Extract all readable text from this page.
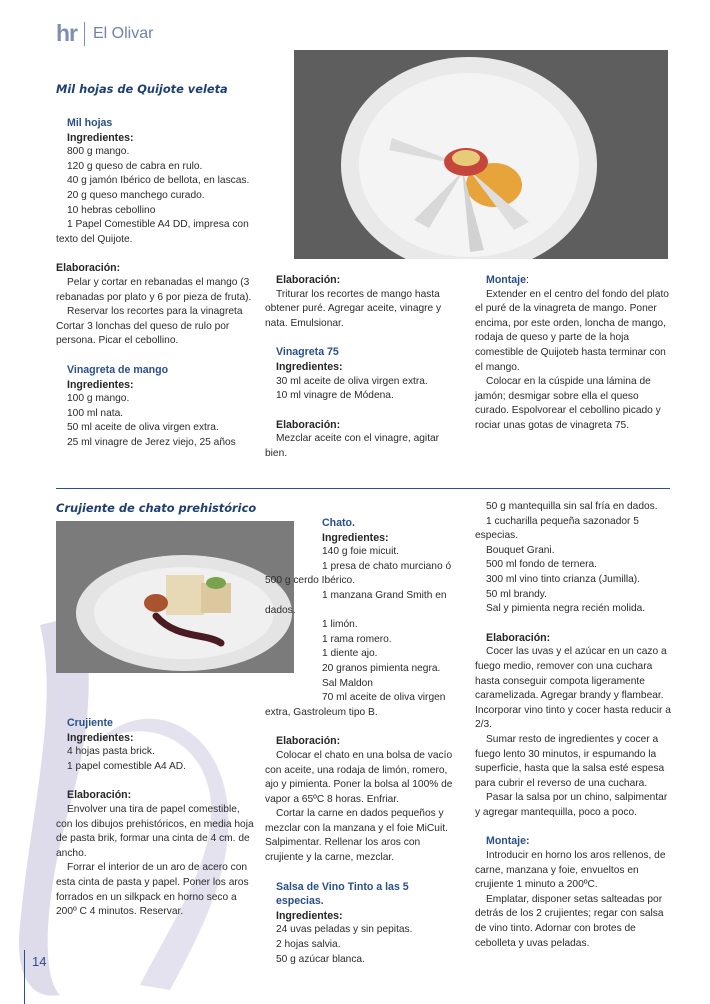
hr El Olivar

Mil hojas de Quijote veleta

Mil hojas

Ingredientes:

800 g mango.

120 g queso de cabra en rulo.

40 g jamón Ibérico de bellota, en lascas.

20 g queso manchego curado.

10 hebras cebollino

1 Papel Comestible A4 DD, impresa con

texto del Quijote.

Elaboración:

Pelar y cortar en rebanadas el mango (3 rebanadas por plato y 6 por pieza de fruta).

Reservar los recortes para la vinagreta Cortar 3 lonchas del queso de rulo por persona. Picar el cebollino.

Vinagreta de mango

Ingredientes:

100 g mango.

100 ml nata.

50 ml aceite de oliva virgen extra.

25 ml vinagre de Jerez viejo, 25 años

Elaboración:

Triturar los recortes de mango hasta obtener puré. Agregar aceite, vinagre y nata. Emulsionar.

Vinagreta 75

Ingredientes:

30 ml aceite de oliva virgen extra.

10 ml vinagre de Módena.

Elaboración:

Mezclar aceite con el vinagre, agitar bien.

Montaje:

Extender en el centro del fondo del plato el puré de la vinagreta de mango. Poner encima, por este orden, loncha de mango, rodaja de queso y parte de la hoja comestible de Quijoteb hasta terminar con el mango.

Colocar en la cúspide una lámina de jamón; desmigar sobre ella el queso curado. Espolvorear el cebollino picado y rociar unas gotas de vinagreta 75.

Crujiente de chato prehistórico

Crujiente

Ingredientes:

4 hojas pasta brick.

1 papel comestible A4 AD.

Elaboración:

Envolver una tira de papel comestible, con los dibujos prehistóricos, en media hoja de pasta brik, formar una cinta de 4 cm. de ancho.

Forrar el interior de un aro de acero con esta cinta de pasta y papel. Poner los aros forrados en un silkpack en horno seco a 200º C 4 minutos. Reservar.

Chato.

Ingredientes:

140 g foie micuit.

1 presa de chato murciano ó

500 g cerdo Ibérico.

1 manzana Grand Smith en

dados.

1 limón.

1 rama romero.

1 diente ajo.

20 granos pimienta negra.

Sal Maldon

70 ml aceite de oliva virgen

extra, Gastroleum tipo B.

Elaboración:

Colocar el chato en una bolsa de vacío con aceite, una rodaja de limón, romero, ajo y pimienta. Poner la bolsa al 100% de vapor a 65ºC 8 horas. Enfriar.

Cortar la carne en dados pequeños y mezclar con la manzana y el foie MiCuit. Salpimentar. Rellenar los aros con crujiente y la carne, mezclar.

Salsa de Vino Tinto a las 5 especias.

Ingredientes:

24 uvas peladas y sin pepitas.

2 hojas salvia.

50 g azúcar blanca.

50 g mantequilla sin sal fría en dados.

1 cucharilla pequeña sazonador 5

especias.

Bouquet Grani.

500 ml fondo de ternera.

300 ml vino tinto crianza (Jumilla).

50 ml brandy.

Sal y pimienta negra recién molida.

Elaboración:

Cocer las uvas y el azúcar en un cazo a fuego medio, remover con una cuchara hasta conseguir compota ligeramente caramelizada. Agregar brandy y flambear. Incorporar vino tinto y cocer hasta reducir a 2/3.

Sumar resto de ingredientes y cocer a fuego lento 30 minutos, ir espumando la superficie, hasta que la salsa esté espesa para cubrir el reverso de una cuchara.

Pasar la salsa por un chino, salpimentar y agregar mantequilla, poco a poco.

Montaje:

Introducir en horno los aros rellenos, de carne, manzana y foie, envueltos en crujiente 1 minuto a 200ºC.

Emplatar, disponer setas salteadas por detrás de los 2 crujientes; regar con salsa de vino tinto. Adornar con brotes de cebolleta y uvas peladas.

14
